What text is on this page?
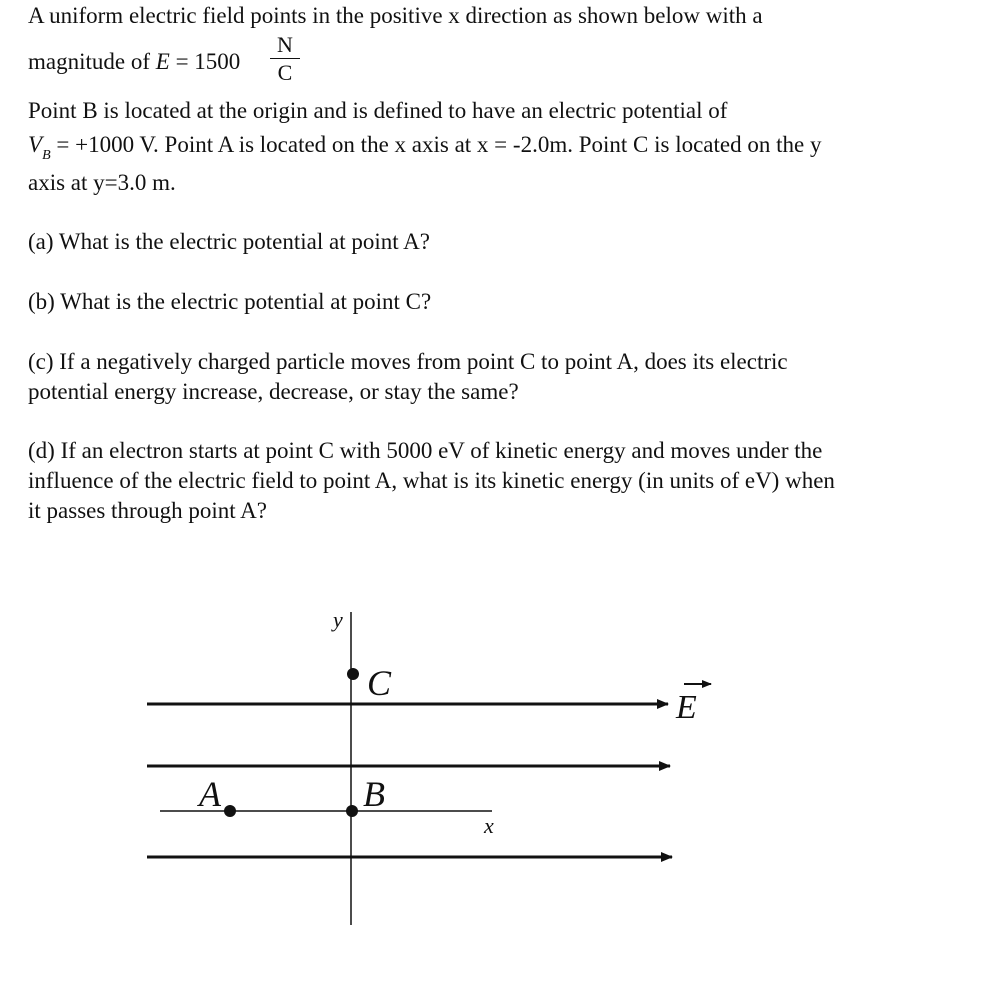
A uniform electric field points in the positive x direction as shown below with a
magnitude of $E = 1500 \frac{N}{C}$
Point B is located at the origin and is defined to have an electric potential of
$V_B = +1000$ V. Point A is located on the x axis at x = -2.0m. Point C is located on the y
axis at y=3.0 m.
(a) What is the electric potential at point A?
(b) What is the electric potential at point C?
(c) If a negatively charged particle moves from point C to point A, does its electric
potential energy increase, decrease, or stay the same?
(d) If an electron starts at point C with 5000 eV of kinetic energy and moves under the
influence of the electric field to point A, what is its kinetic energy (in units of eV) when
it passes through point A?
y
x
C
B
A
E
